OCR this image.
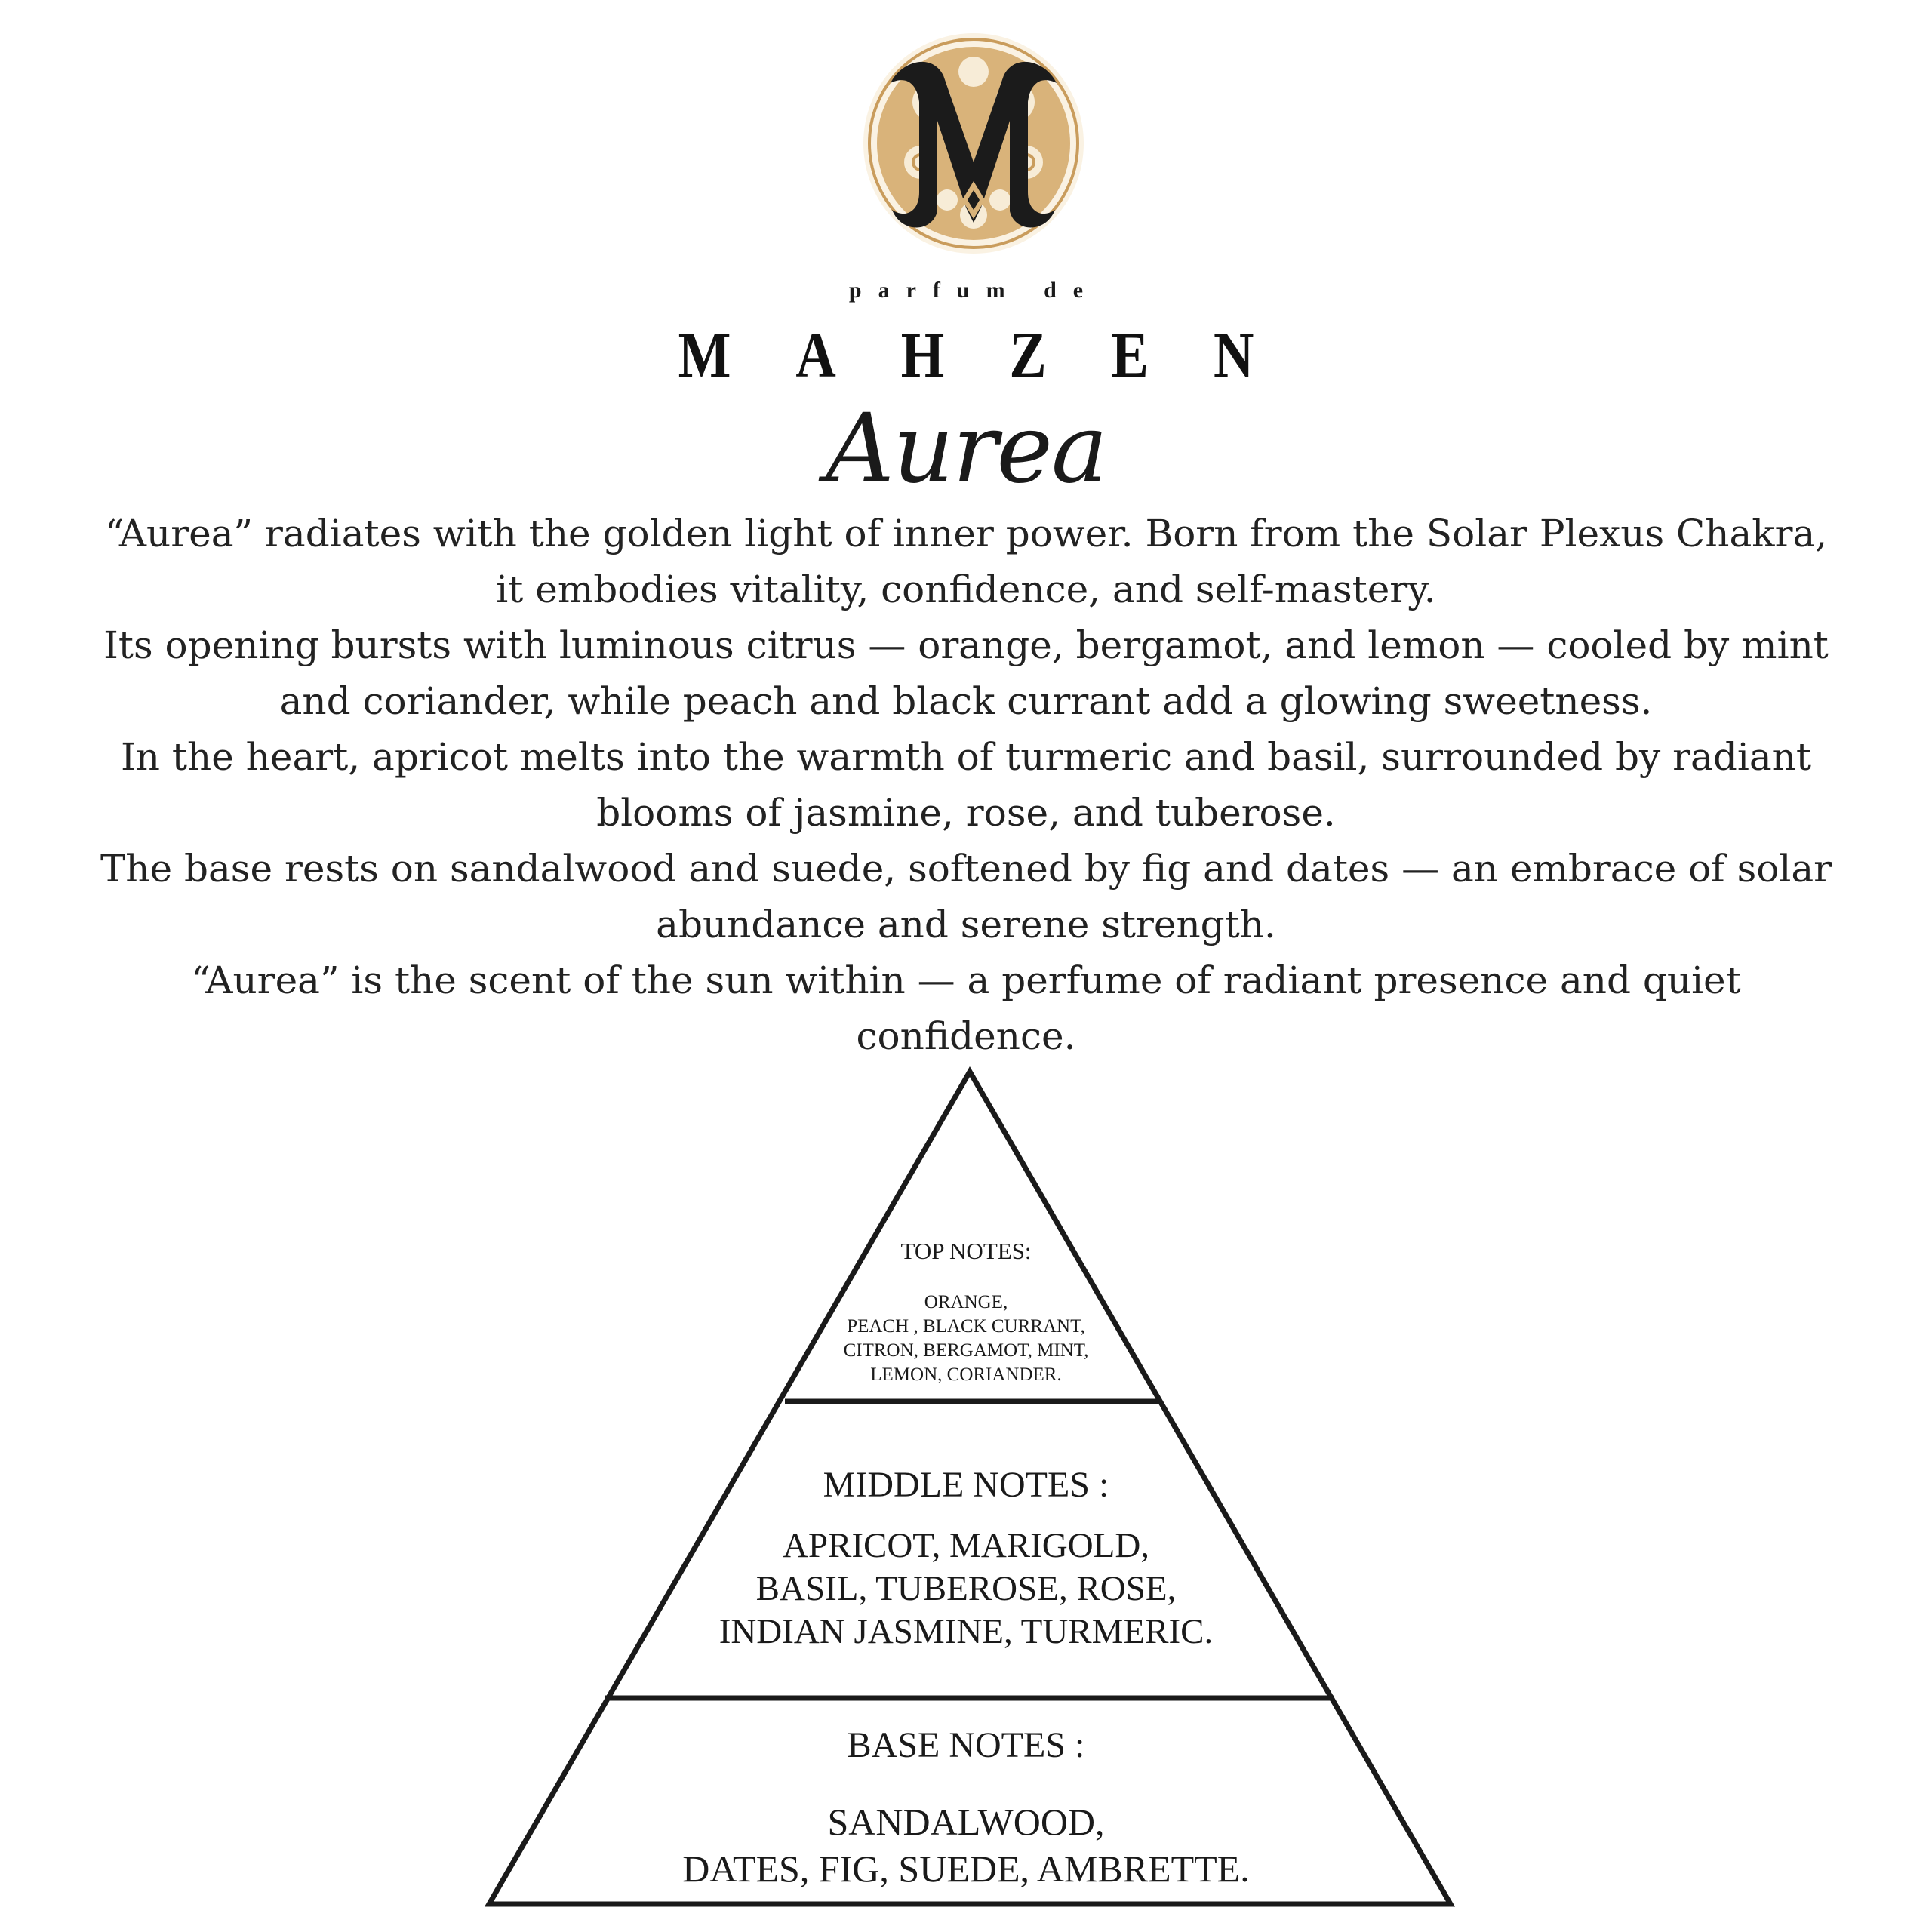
parfum de
MAHZEN
Aurea

“Aurea” radiates with the golden light of inner power. Born from the Solar Plexus Chakra, it embodies vitality, confidence, and self-mastery.

Its opening bursts with luminous citrus — orange, bergamot, and lemon — cooled by mint and coriander, while peach and black currant add a glowing sweetness.

In the heart, apricot melts into the warmth of turmeric and basil, surrounded by radiant blooms of jasmine, rose, and tuberose.

The base rests on sandalwood and suede, softened by fig and dates — an embrace of solar abundance and serene strength.

“Aurea” is the scent of the sun within — a perfume of radiant presence and quiet confidence.

TOP NOTES:
ORANGE,
PEACH , BLACK CURRANT,
CITRON, BERGAMOT, MINT,
LEMON, CORIANDER.
MIDDLE NOTES :
APRICOT, MARIGOLD,
BASIL, TUBEROSE, ROSE,
INDIAN JASMINE, TURMERIC.
BASE NOTES :
SANDALWOOD,
DATES, FIG, SUEDE, AMBRETTE.
